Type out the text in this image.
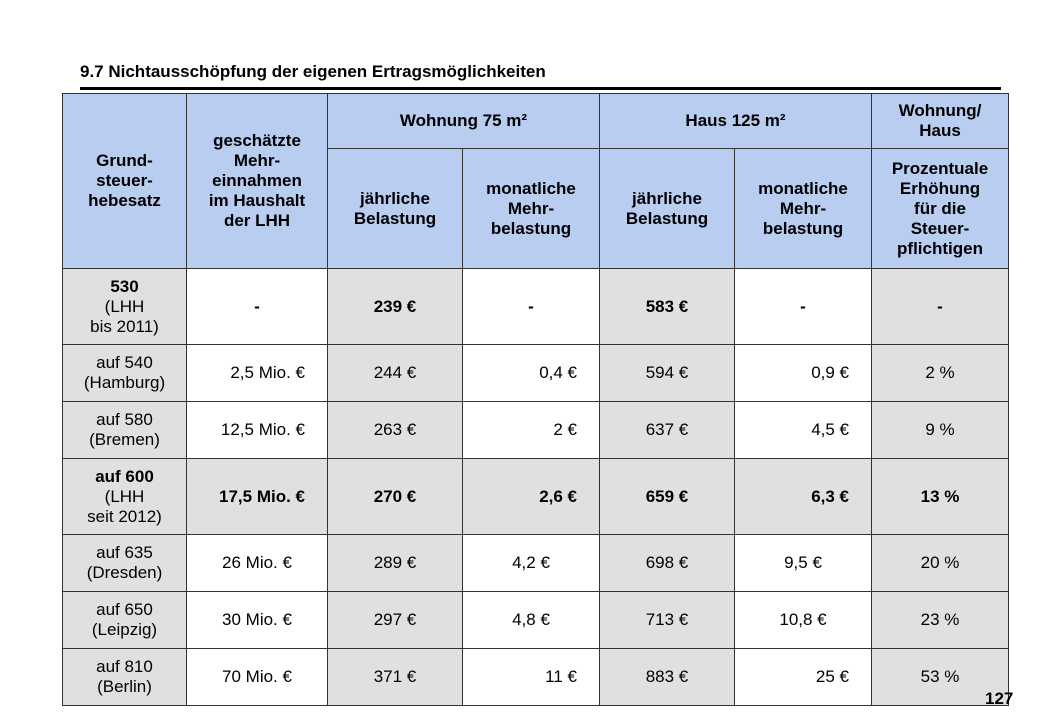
9.7 Nichtausschöpfung der eigenen Ertragsmöglichkeiten
Grund-
steuer-
hebesatz	geschätzte
Mehr-
einnahmen
im Haushalt
der LHH	Wohnung 75 m²		Haus 125 m²		Wohnung/
Haus

		jährliche
Belastung	monatliche
Mehr-
belastung	jährliche
Belastung	monatliche
Mehr-
belastung	Prozentuale
Erhöhung
für die
Steuer-
pflichtigen

530
(LHH
bis 2011)	-	239 €	-	583 €	-	-

auf 540
(Hamburg)	2,5 Mio. €	244 €	0,4 €	594 €	0,9 €	2 %

auf 580
(Bremen)	12,5 Mio. €	263 €	2 €	637 €	4,5 €	9 %

auf 600
(LHH
seit 2012)	17,5 Mio. €	270 €	2,6 €	659 €	6,3 €	13 %

auf 635
(Dresden)	26 Mio. €	289 €	4,2 €	698 €	9,5 €	20 %

auf 650
(Leipzig)	30 Mio. €	297 €	4,8 €	713 €	10,8 €	23 %

auf 810
(Berlin)	70 Mio. €	371 €	11 €	883 €	25 €	53 %
127
